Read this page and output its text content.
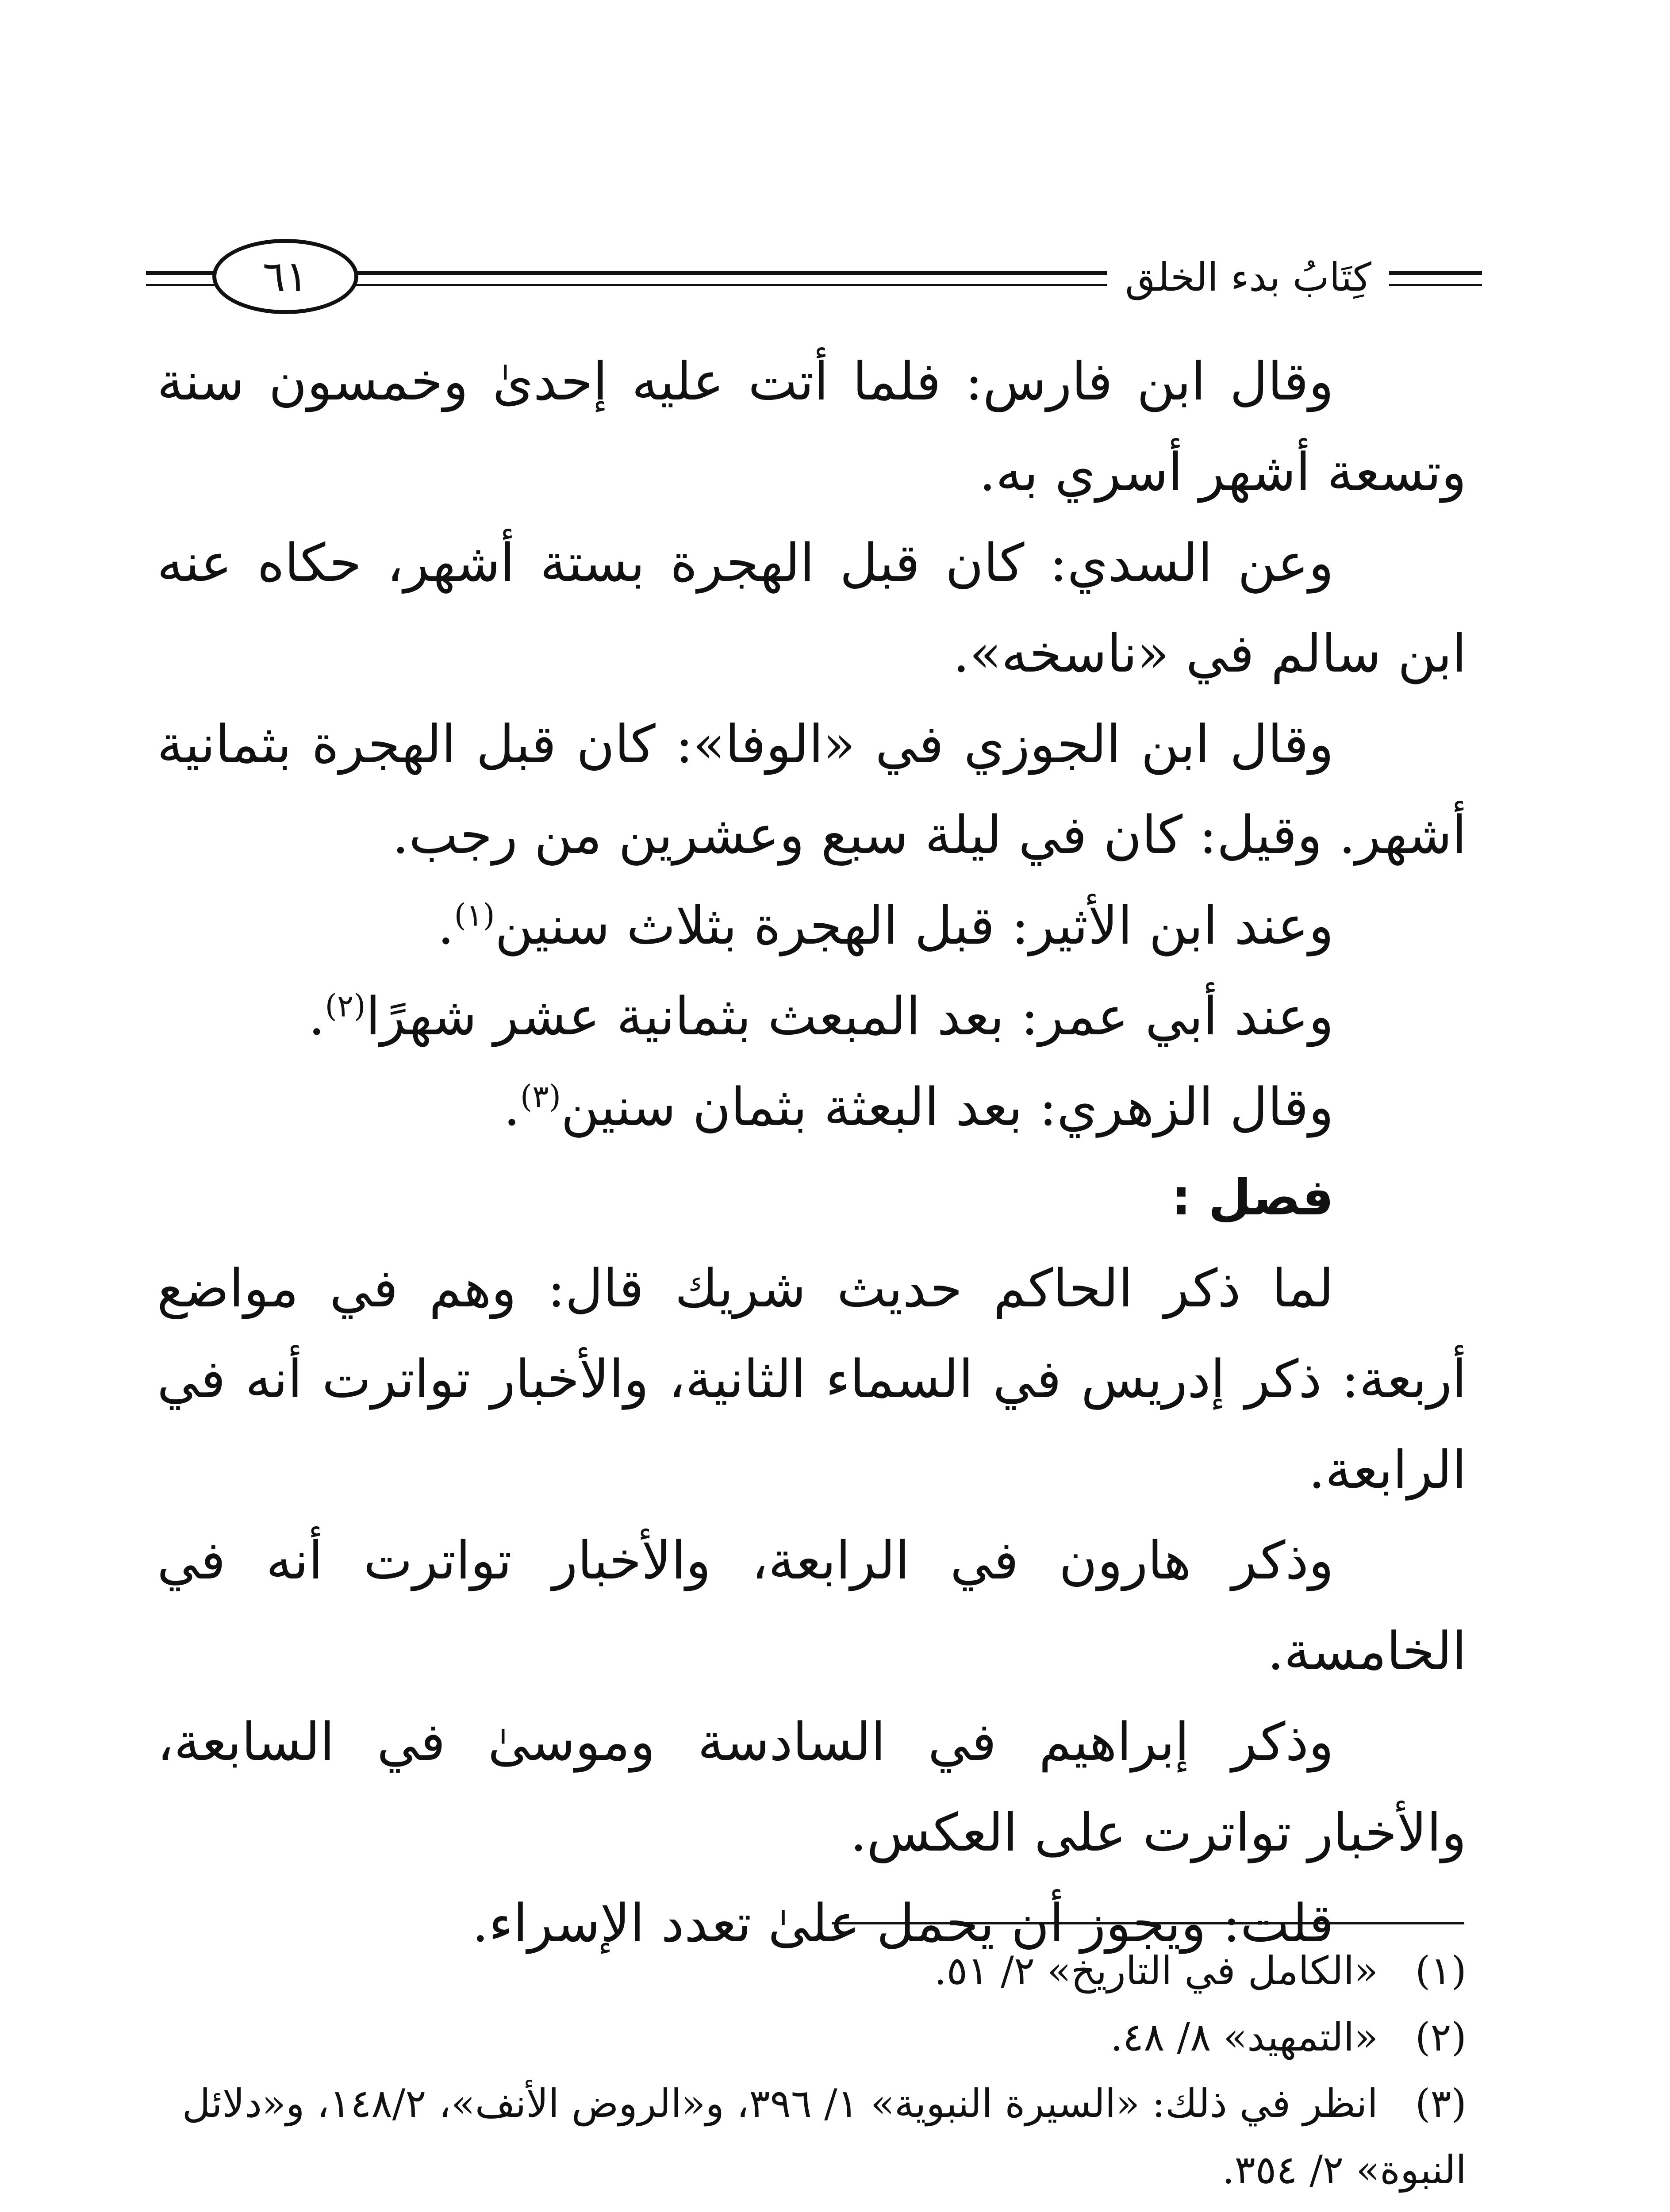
٦١	كِتَابُ بدء الخلق

وقال ابن فارس: فلما أتت عليه إحدىٰ وخمسون سنة وتسعة أشهر أسري به.

وعن السدي: كان قبل الهجرة بستة أشهر، حكاه عنه ابن سالم في «ناسخه».

وقال ابن الجوزي في «الوفا»: كان قبل الهجرة بثمانية أشهر. وقيل: كان في ليلة سبع وعشرين من رجب.

وعند ابن الأثير: قبل الهجرة بثلاث سنين$^{(١)}$.

وعند أبي عمر: بعد المبعث بثمانية عشر شهرًا$^{(٢)}$.

وقال الزهري: بعد البعثة بثمان سنين$^{(٣)}$.

فصل :

لما ذكر الحاكم حديث شريك قال: وهم في مواضع أربعة: ذكر إدريس في السماء الثانية، والأخبار تواترت أنه في الرابعة.

وذكر هارون في الرابعة، والأخبار تواترت أنه في الخامسة.

وذكر إبراهيم في السادسة وموسىٰ في السابعة، والأخبار تواترت على العكس.

قلت: ويجوز أن يحمل علىٰ تعدد الإسراء.

(١)«الكامل في التاريخ» ٢/ ٥١.

(٢)«التمهيد» ٨/ ٤٨.

(٣)انظر في ذلك: «السيرة النبوية» ١/ ٣٩٦، و«الروض الأنف»، ١٤٨/٢، و«دلائل النبوة» ٢/ ٣٥٤.
